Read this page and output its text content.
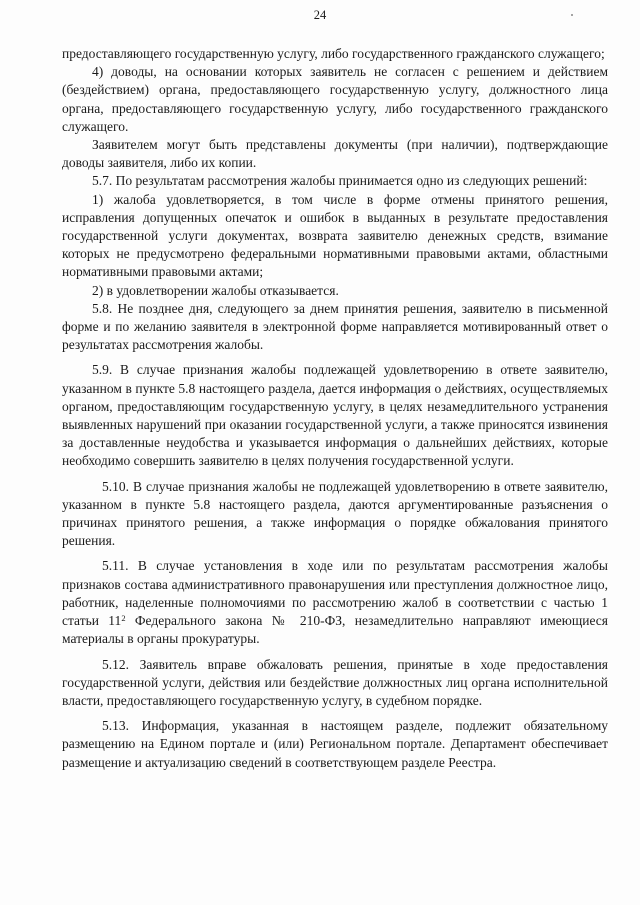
24

предоставляющего государственную услугу, либо государственного гражданского служащего;

4) доводы, на основании которых заявитель не согласен с решением и действием (бездействием) органа, предоставляющего государственную услугу, должностного лица органа, предоставляющего государственную услугу, либо государственного гражданского служащего.

Заявителем могут быть представлены документы (при наличии), подтверждающие доводы заявителя, либо их копии.

5.7. По результатам рассмотрения жалобы принимается одно из следующих решений:

1) жалоба удовлетворяется, в том числе в форме отмены принятого решения, исправления допущенных опечаток и ошибок в выданных в результате предоставления государственной услуги документах, возврата заявителю денежных средств, взимание которых не предусмотрено федеральными нормативными правовыми актами, областными нормативными правовыми актами;

2) в удовлетворении жалобы отказывается.

5.8. Не позднее дня, следующего за днем принятия решения, заявителю в письменной форме и по желанию заявителя в электронной форме направляется мотивированный ответ о результатах рассмотрения жалобы.

5.9. В случае признания жалобы подлежащей удовлетворению в ответе заявителю, указанном в пункте 5.8 настоящего раздела, дается информация о действиях, осуществляемых органом, предоставляющим государственную услугу, в целях незамедлительного устранения выявленных нарушений при оказании государственной услуги, а также приносятся извинения за доставленные неудобства и указывается информация о дальнейших действиях, которые необходимо совершить заявителю в целях получения государственной услуги.

5.10. В случае признания жалобы не подлежащей удовлетворению в ответе заявителю, указанном в пункте 5.8 настоящего раздела, даются аргументированные разъяснения о причинах принятого решения, а также информация о порядке обжалования принятого решения.

5.11. В случае установления в ходе или по результатам рассмотрения жалобы признаков состава административного правонарушения или преступления должностное лицо, работник, наделенные полномочиями по рассмотрению жалоб в соответствии с частью 1 статьи $11^2$ Федерального закона № 210-ФЗ, незамедлительно направляют имеющиеся материалы в органы прокуратуры.

5.12. Заявитель вправе обжаловать решения, принятые в ходе предоставления государственной услуги, действия или бездействие должностных лиц органа исполнительной власти, предоставляющего государственную услугу, в судебном порядке.

5.13. Информация, указанная в настоящем разделе, подлежит обязательному размещению на Едином портале и (или) Региональном портале. Департамент обеспечивает размещение и актуализацию сведений в соответствующем разделе Реестра.
